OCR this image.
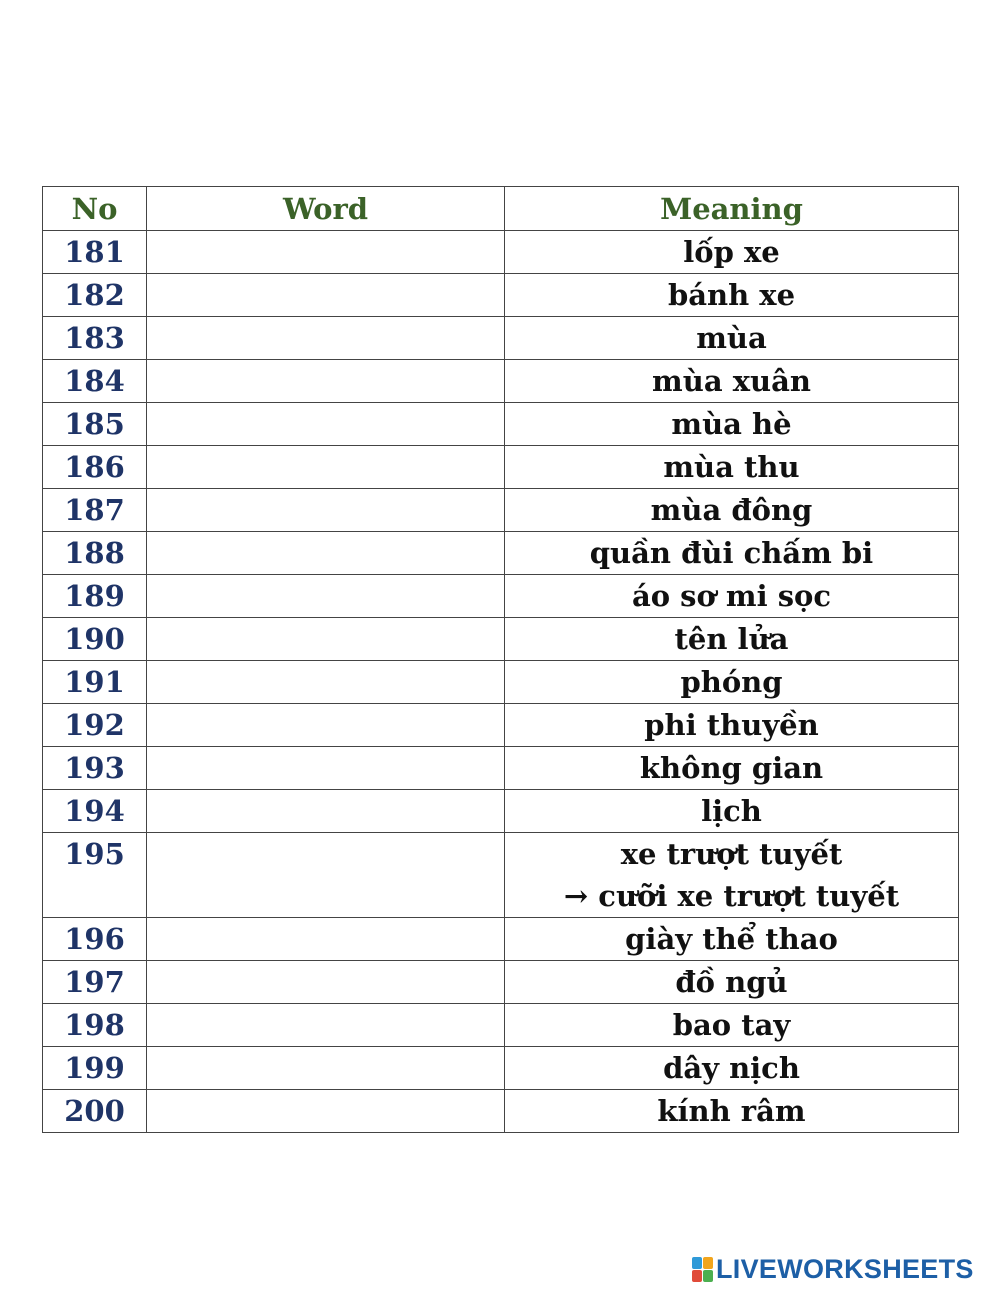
No	Word	Meaning
181		lốp xe

182		bánh xe

183		mùa

184		mùa xuân

185		mùa hè

186		mùa thu

187		mùa đông

188		quần đùi chấm bi

189		áo sơ mi sọc

190		tên lửa

191		phóng

192		phi thuyền

193		không gian

194		lịch

195		xe trượt tuyết
→ cưỡi xe trượt tuyết

196		giày thể thao

197		đồ ngủ

198		bao tay

199		dây nịch

200		kính râm
LIVEWORKSHEETS
